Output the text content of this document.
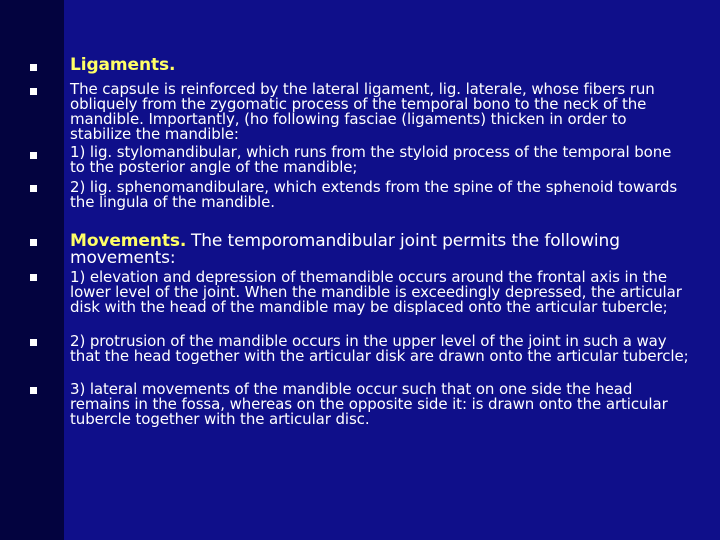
Ligaments.
The capsule is reinforced by the lateral ligament, lig. laterale, whose fibers run obliquely from the zygomatic process of the temporal bono to the neck of the mandible. Importantly, (ho following fasciae (ligaments) thicken in order to stabilize the mandible:
1) lig. stylomandibular, which runs from the styloid process of the temporal bone to the posterior angle of the mandible;
2) lig. sphenomandibulare, which extends from the spine of the sphenoid towards the lingula of the mandible.
Movements. The temporomandibular joint permits the following movements:
1) elevation and depression of themandible occurs around the frontal axis in the lower level of the joint. When the mandible is exceedingly depressed, the articular disk with the head of the mandible may be displaced onto the articular tubercle;
2) protrusion of the mandible occurs in the upper level of the joint in such a way that the head together with the articular disk are drawn onto the articular tubercle;
3) lateral movements of the mandible occur such that on one side the head remains in the fossa, whereas on the opposite side it: is drawn onto the articular tubercle together with the articular disc.
